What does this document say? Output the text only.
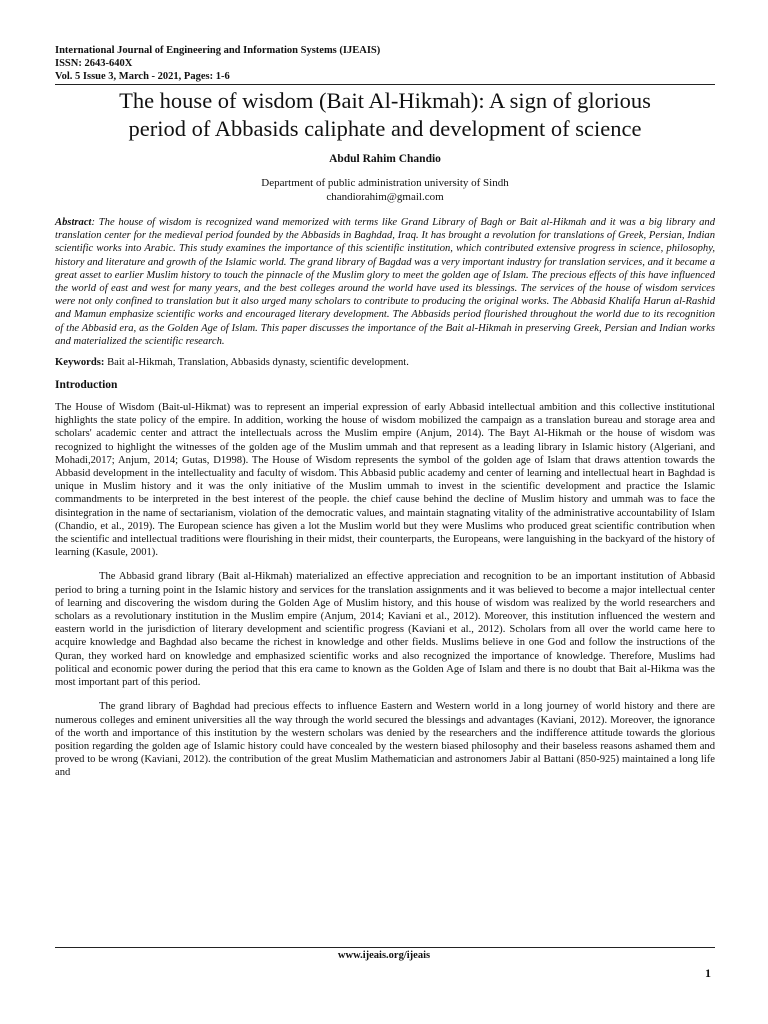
International Journal of Engineering and Information Systems (IJEAIS)
ISSN: 2643-640X
Vol. 5 Issue 3, March - 2021, Pages: 1-6
The house of wisdom (Bait Al-Hikmah): A sign of glorious
period of Abbasids caliphate and development of science
Abdul Rahim Chandio
Department of public administration university of Sindh
chandiorahim@gmail.com
Abstract: The house of wisdom is recognized wand memorized with terms like Grand Library of Bagh or Bait al-Hikmah and it was a big library and translation center for the medieval period founded by the Abbasids in Baghdad, Iraq. It has brought a revolution for translations of Greek, Persian, Indian scientific works into Arabic. This study examines the importance of this scientific institution, which contributed extensive progress in science, philosophy, history and literature and growth of the Islamic world. The grand library of Bagdad was a very important industry for translation services, and it became a great asset to earlier Muslim history to touch the pinnacle of the Muslim glory to meet the golden age of Islam. The precious effects of this have influenced the world of east and west for many years, and the best colleges around the world have used its blessings. The services of the house of wisdom services were not only confined to translation but it also urged many scholars to contribute to producing the original works. The Abbasid Khalifa Harun al-Rashid and Mamun emphasize scientific works and encouraged literary development. The Abbasids period flourished throughout the world due to its recognition of the Abbasid era, as the Golden Age of Islam. This paper discusses the importance of the Bait al-Hikmah in preserving Greek, Persian and Indian works and materialized the scientific research.
Keywords: Bait al-Hikmah, Translation, Abbasids dynasty, scientific development.
Introduction

The House of Wisdom (Bait-ul-Hikmat) was to represent an imperial expression of early Abbasid intellectual ambition and this collective institutional highlights the state policy of the empire. In addition, working the house of wisdom mobilized the campaign as a translation bureau and storage area and scholars' academic center and attract the intellectuals across the Muslim empire (Anjum, 2014). The Bayt Al-Hikmah or the house of wisdom was recognized to highlight the witnesses of the golden age of the Muslim ummah and that represent as a leading library in Islamic history (Algeriani, and Mohadi,2017; Anjum, 2014; Gutas, D1998). The House of Wisdom represents the symbol of the golden age of Islam that draws attention towards the Abbasid development in the intellectuality and faculty of wisdom. This Abbasid public academy and center of learning and intellectual heart in Baghdad is unique in Muslim history and it was the only initiative of the Muslim ummah to invest in the scientific development and practice the Islamic commandments to be interpreted in the best interest of the people. the chief cause behind the decline of Muslim history and ummah was to face the disintegration in the name of sectarianism, violation of the democratic values, and maintain stagnating vitality of the administrative accountability of Islam (Chandio, et al., 2019). The European science has given a lot the Muslim world but they were Muslims who produced great scientific contribution when the scientific and intellectual traditions were flourishing in their midst, their counterparts, the Europeans, were languishing in the backyard of the history of learning (Kasule, 2001).

The Abbasid grand library (Bait al-Hikmah) materialized an effective appreciation and recognition to be an important institution of Abbasid period to bring a turning point in the Islamic history and services for the translation assignments and it was believed to become a major intellectual center of learning and discovering the wisdom during the Golden Age of Muslim history, and this house of wisdom was realized by the world researchers and scholars as a revolutionary institution in the Muslim empire (Anjum, 2014; Kaviani et al., 2012). Moreover, this institution influenced the western and eastern world in the jurisdiction of literary development and scientific progress (Kaviani et al., 2012). Scholars from all over the world came here to acquire knowledge and Baghdad also became the richest in knowledge and other fields. Muslims believe in one God and follow the instructions of the Quran, they worked hard on knowledge and emphasized scientific works and also recognized the importance of knowledge. Therefore, Muslims had political and economic power during the period that this era came to known as the Golden Age of Islam and there is no doubt that Bait al-Hikma was the most important part of this period.

The grand library of Baghdad had precious effects to influence Eastern and Western world in a long journey of world history and there are numerous colleges and eminent universities all the way through the world secured the blessings and advantages (Kaviani, 2012). Moreover, the ignorance of the worth and importance of this institution by the western scholars was denied by the researchers and the indifference attitude towards the glorious position regarding the golden age of Islamic history could have concealed by the western biased philosophy and their baseless reasons ashamed them and proved to be wrong (Kaviani, 2012). the contribution of the great Muslim Mathematician and astronomers Jabir al Battani (850-925) maintained a long life and

www.ijeais.org/ijeais
1
